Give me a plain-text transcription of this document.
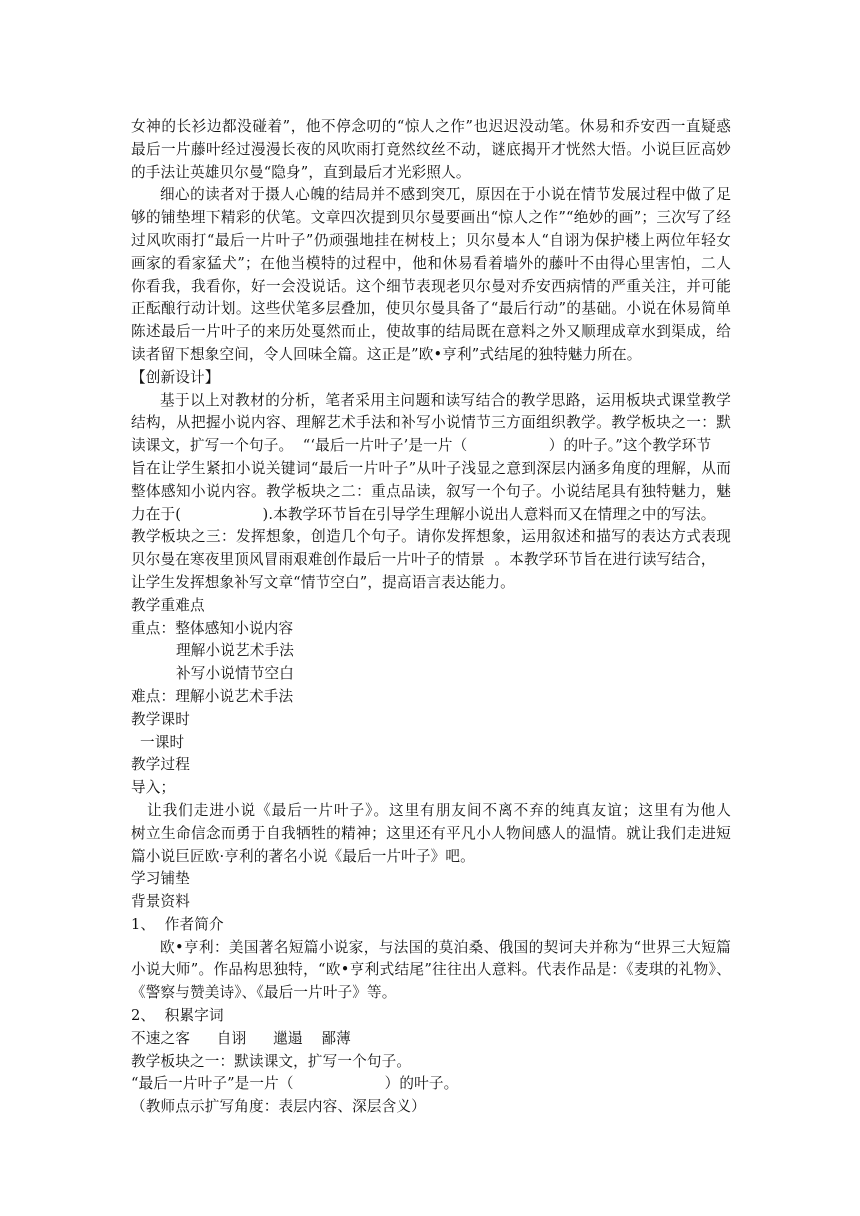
女神的长衫边都没碰着”，他不停念叨的“惊人之作”也迟迟没动笔。休易和乔安西一直疑惑
最后一片藤叶经过漫漫长夜的风吹雨打竟然纹丝不动，谜底揭开才恍然大悟。小说巨匠高妙
的手法让英雄贝尔曼“隐身”，直到最后才光彩照人。
细心的读者对于摄人心魄的结局并不感到突兀，原因在于小说在情节发展过程中做了足
够的铺垫埋下精彩的伏笔。文章四次提到贝尔曼要画出“惊人之作”“绝妙的画”；三次写了经
过风吹雨打“最后一片叶子”仍顽强地挂在树枝上；贝尔曼本人“自诩为保护楼上两位年轻女
画家的看家猛犬”；在他当模特的过程中，他和休易看着墙外的藤叶不由得心里害怕，二人
你看我，我看你，好一会没说话。这个细节表现老贝尔曼对乔安西病情的严重关注，并可能
正酝酿行动计划。这些伏笔多层叠加，使贝尔曼具备了“最后行动”的基础。小说在休易简单
陈述最后一片叶子的来历处戛然而止，使故事的结局既在意料之外又顺理成章水到渠成，给
读者留下想象空间，令人回味全篇。这正是”欧•亨利”式结尾的独特魅力所在。
【创新设计】
基于以上对教材的分析，笔者采用主问题和读写结合的教学思路，运用板块式课堂教学
结构，从把握小说内容、理解艺术手法和补写小说情节三方面组织教学。教学板块之一：默
读课文，扩写一个句子。  “‘最后一片叶子’是一片（                 ）的叶子。”这个教学环节
旨在让学生紧扣小说关键词“最后一片叶子”从叶子浅显之意到深层内涵多角度的理解，从而
整体感知小说内容。教学板块之二：重点品读，叙写一个句子。小说结尾具有独特魅力，魅
力在于(                 ).本教学环节旨在引导学生理解小说出人意料而又在情理之中的写法。
教学板块之三：发挥想象，创造几个句子。请你发挥想象，运用叙述和描写的表达方式表现
贝尔曼在寒夜里顶风冒雨艰难创作最后一片叶子的情景  。本教学环节旨在进行读写结合，
让学生发挥想象补写文章“情节空白”，提高语言表达能力。
教学重难点
重点：整体感知小说内容
理解小说艺术手法
补写小说情节空白
难点：理解小说艺术手法
教学课时
一课时
教学过程
导入；
让我们走进小说《最后一片叶子》。这里有朋友间不离不弃的纯真友谊；这里有为他人
树立生命信念而勇于自我牺牲的精神；这里还有平凡小人物间感人的温情。就让我们走进短
篇小说巨匠欧·亨利的著名小说《最后一片叶子》吧。
学习铺垫
背景资料
1、  作者简介
欧•亨利：美国著名短篇小说家，与法国的莫泊桑、俄国的契诃夫并称为“世界三大短篇
小说大师”。作品构思独特，“欧•亨利式结尾”往往出人意料。代表作品是：《麦琪的礼物》、
《警察与赞美诗》、《最后一片叶子》等。
2、  积累字词
不速之客 自诩 邋遢 鄙薄
教学板块之一：默读课文，扩写一个句子。
“最后一片叶子”是一片（                   ）的叶子。
（教师点示扩写角度：表层内容、深层含义）
